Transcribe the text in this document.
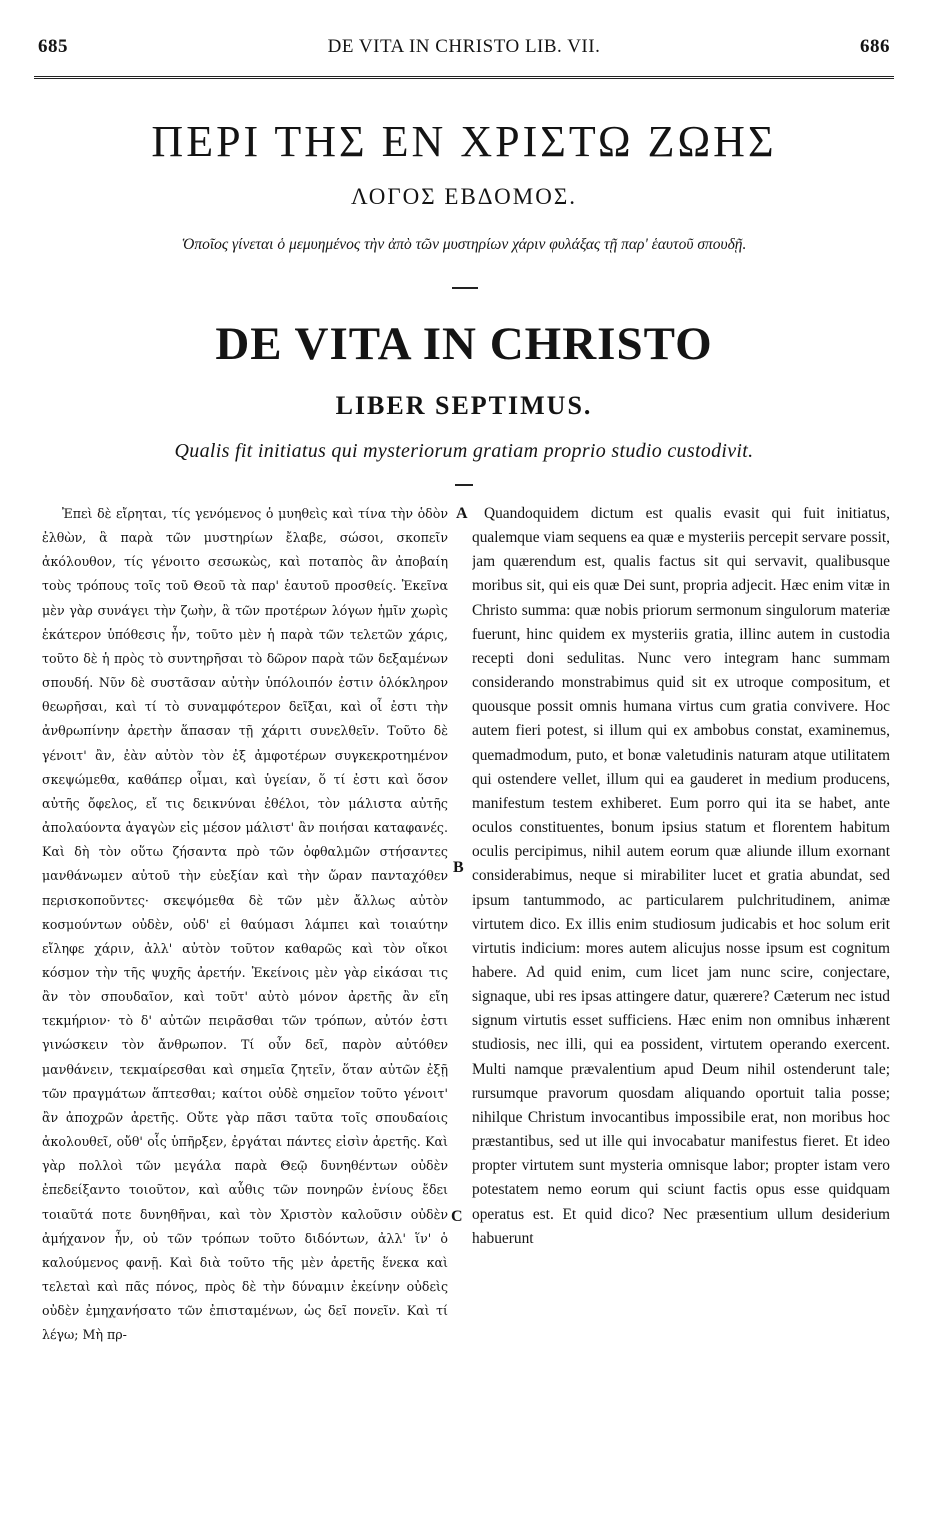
685	DE VITA IN CHRISTO LIB. VII.	686
ΠΕΡΙ ΤΗΣ ΕΝ ΧΡΙΣΤΩ ΖΩΗΣ
ΛΟΓΟΣ ΕΒΔΟΜΟΣ.
Ὁποῖος γίνεται ὁ μεμυημένος τὴν ἀπὸ τῶν μυστηρίων χάριν φυλάξας τῇ παρ' ἑαυτοῦ σπουδῇ.
DE VITA IN CHRISTO
LIBER SEPTIMUS.
Qualis fit initiatus qui mysteriorum gratiam proprio studio custodivit.

Ἐπεὶ δὲ εἴρηται, τίς γενόμενος ὁ μυηθεὶς καὶ τίνα τὴν ὁδὸν ἐλθὼν, ἃ παρὰ τῶν μυστηρίων ἔλαβε, σώσοι, σκοπεῖν ἀκόλουθον, τίς γένοιτο σεσωκὼς, καὶ ποταπὸς ἂν ἀποβαίη τοὺς τρόπους τοῖς τοῦ Θεοῦ τὰ παρ' ἑαυτοῦ προσθείς. Ἐκεῖνα μὲν γὰρ συνάγει τὴν ζωὴν, ἃ τῶν προτέρων λόγων ἡμῖν χωρὶς ἑκάτερον ὑπόθεσις ἦν, τοῦτο μὲν ἡ παρὰ τῶν τελετῶν χάρις, τοῦτο δὲ ἡ πρὸς τὸ συντηρῆσαι τὸ δῶρον παρὰ τῶν δεξαμένων σπουδή. Νῦν δὲ συστᾶσαν αὐτὴν ὑπόλοιπόν ἐστιν ὁλόκληρον θεωρῆσαι, καὶ τί τὸ συναμφότερον δεῖξαι, καὶ οἷ ἐστι τὴν ἀνθρωπίνην ἀρετὴν ἅπασαν τῇ χάριτι συνελθεῖν. Τοῦτο δὲ γένοιτ' ἂν, ἐὰν αὐτὸν τὸν ἐξ ἀμφοτέρων συγκεκροτημένον σκεψώμεθα, καθάπερ οἶμαι, καὶ ὑγείαν, ὅ τί ἐστι καὶ ὅσον αὐτῆς ὄφελος, εἴ τις δεικνύναι ἐθέλοι, τὸν μάλιστα αὐτῆς ἀπολαύοντα ἀγαγὼν εἰς μέσον μάλιστ' ἂν ποιήσαι καταφανές. Καὶ δὴ τὸν οὕτω ζήσαντα πρὸ τῶν ὀφθαλμῶν στήσαντες μανθάνωμεν αὐτοῦ τὴν εὐεξίαν καὶ τὴν ὥραν πανταχόθεν περισκοποῦντες· σκεψόμεθα δὲ τῶν μὲν ἄλλως αὐτὸν κοσμούντων οὐδὲν, οὐδ' εἰ θαύμασι λάμπει καὶ τοιαύτην εἴληφε χάριν, ἀλλ' αὐτὸν τοῦτον καθαρῶς καὶ τὸν οἴκοι κόσμον τὴν τῆς ψυχῆς ἀρετήν. Ἐκείνοις μὲν γὰρ εἰκάσαι τις ἂν τὸν σπουδαῖον, καὶ τοῦτ' αὐτὸ μόνον ἀρετῆς ἂν εἴη τεκμήριον· τὸ δ' αὐτῶν πειρᾶσθαι τῶν τρόπων, αὐτόν ἐστι γινώσκειν τὸν ἄνθρωπον. Τί οὖν δεῖ, παρὸν αὐτόθεν μανθάνειν, τεκμαίρεσθαι καὶ σημεῖα ζητεῖν, ὅταν αὐτῶν ἐξῇ τῶν πραγμάτων ἅπτεσθαι; καίτοι οὐδὲ σημεῖον τοῦτο γένοιτ' ἂν ἀποχρῶν ἀρετῆς. Οὔτε γὰρ πᾶσι ταῦτα τοῖς σπουδαίοις ἀκολουθεῖ, οὔθ' οἷς ὑπῆρξεν, ἐργάται πάντες εἰσὶν ἀρετῆς. Καὶ γὰρ πολλοὶ τῶν μεγάλα παρὰ Θεῷ δυνηθέντων οὐδὲν ἐπεδείξαντο τοιοῦτον, καὶ αὖθις τῶν πονηρῶν ἐνίους ἔδει τοιαῦτά ποτε δυνηθῆναι, καὶ τὸν Χριστὸν καλοῦσιν οὐδὲν ἀμήχανον ἦν, οὐ τῶν τρόπων τοῦτο διδόντων, ἀλλ' ἵν' ὁ καλούμενος φανῇ. Καὶ διὰ τοῦτο τῆς μὲν ἀρετῆς ἕνεκα καὶ τελεταὶ καὶ πᾶς πόνος, πρὸς δὲ τὴν δύναμιν ἐκείνην οὐδεὶς οὐδὲν ἐμηχανήσατο τῶν ἐπισταμένων, ὡς δεῖ πονεῖν. Καὶ τί λέγω; Μὴ πρ-

A
B
C

Quandoquidem dictum est qualis evasit qui fuit initiatus, qualemque viam sequens ea quæ e mysteriis percepit servare possit, jam quærendum est, qualis factus sit qui servavit, qualibusque moribus sit, qui eis quæ Dei sunt, propria adjecit. Hæc enim vitæ in Christo summa: quæ nobis priorum sermonum singulorum materiæ fuerunt, hinc quidem ex mysteriis gratia, illinc autem in custodia recepti doni sedulitas. Nunc vero integram hanc summam considerando monstrabimus quid sit ex utroque compositum, et quousque possit omnis humana virtus cum gratia convivere. Hoc autem fieri potest, si illum qui ex ambobus constat, examinemus, quemadmodum, puto, et bonæ valetudinis naturam atque utilitatem qui ostendere vellet, illum qui ea gauderet in medium producens, manifestum testem exhiberet. Eum porro qui ita se habet, ante oculos constituentes, bonum ipsius statum et florentem habitum oculis percipimus, nihil autem eorum quæ aliunde illum exornant considerabimus, neque si mirabiliter lucet et gratia abundat, sed ipsum tantummodo, ac particularem pulchritudinem, animæ virtutem dico. Ex illis enim studiosum judicabis et hoc solum erit virtutis indicium: mores autem alicujus nosse ipsum est cognitum habere. Ad quid enim, cum licet jam nunc scire, conjectare, signaque, ubi res ipsas attingere datur, quærere? Cæterum nec istud signum virtutis esset sufficiens. Hæc enim non omnibus inhærent studiosis, nec illi, qui ea possident, virtutem operando exercent. Multi namque prævalentium apud Deum nihil ostenderunt tale; rursumque pravorum quosdam aliquando oportuit talia posse; nihilque Christum invocantibus impossibile erat, non moribus hoc præstantibus, sed ut ille qui invocabatur manifestus fieret. Et ideo propter virtutem sunt mysteria omnisque labor; propter istam vero potestatem nemo eorum qui sciunt factis opus esse quidquam operatus est. Et quid dico? Nec præsentium ullum desiderium habuerunt
